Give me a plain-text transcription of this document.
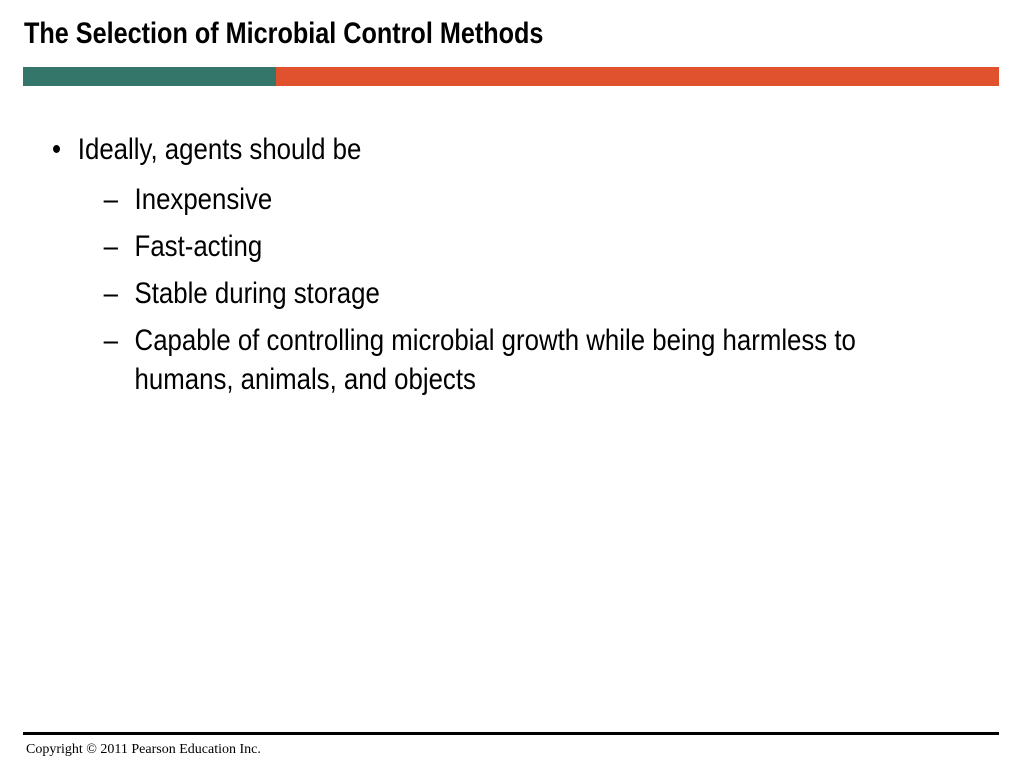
The Selection of Microbial Control Methods
• Ideally, agents should be
– Inexpensive
– Fast-acting
– Stable during storage
– Capable of controlling microbial growth while being harmless to humans, animals, and objects
Copyright © 2011 Pearson Education Inc.
